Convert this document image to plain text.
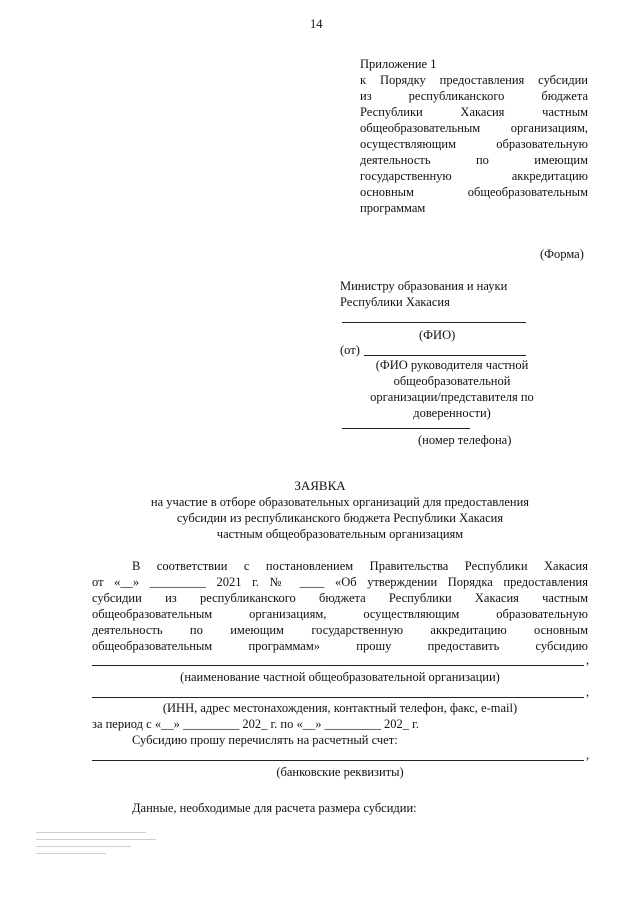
14
Приложение 1
к Порядку предоставления субсидии
из республиканского бюджета
Республики Хакасия частным
общеобразовательным организациям,
осуществляющим образовательную
деятельность по имеющим
государственную аккредитацию
основным общеобразовательным
программам
(Форма)
Министру образования и науки
Республики Хакасия
(ФИО)
(от)
(ФИО руководителя частной
общеобразовательной
организации/представителя по
доверенности)
(номер телефона)
ЗАЯВКА
на участие в отборе образовательных организаций для предоставления
субсидии из республиканского бюджета Республики Хакасия
частным общеобразовательным организациям
В соответствии с постановлением Правительства Республики Хакасия
от «__» _________ 2021 г. № ____ «Об утверждении Порядка предоставления
субсидии из республиканского бюджета Республики Хакасия частным
общеобразовательным организациям, осуществляющим образовательную
деятельность по имеющим государственную аккредитацию основным
общеобразовательным программам» прошу предоставить субсидию
,
(наименование частной общеобразовательной организации)
,
(ИНН, адрес местонахождения, контактный телефон, факс, e-mail)
за период с «__» _________ 202_ г. по «__» _________ 202_ г.
Субсидию прошу перечислять на расчетный счет:
,
(банковские реквизиты)
Данные, необходимые для расчета размера субсидии:
